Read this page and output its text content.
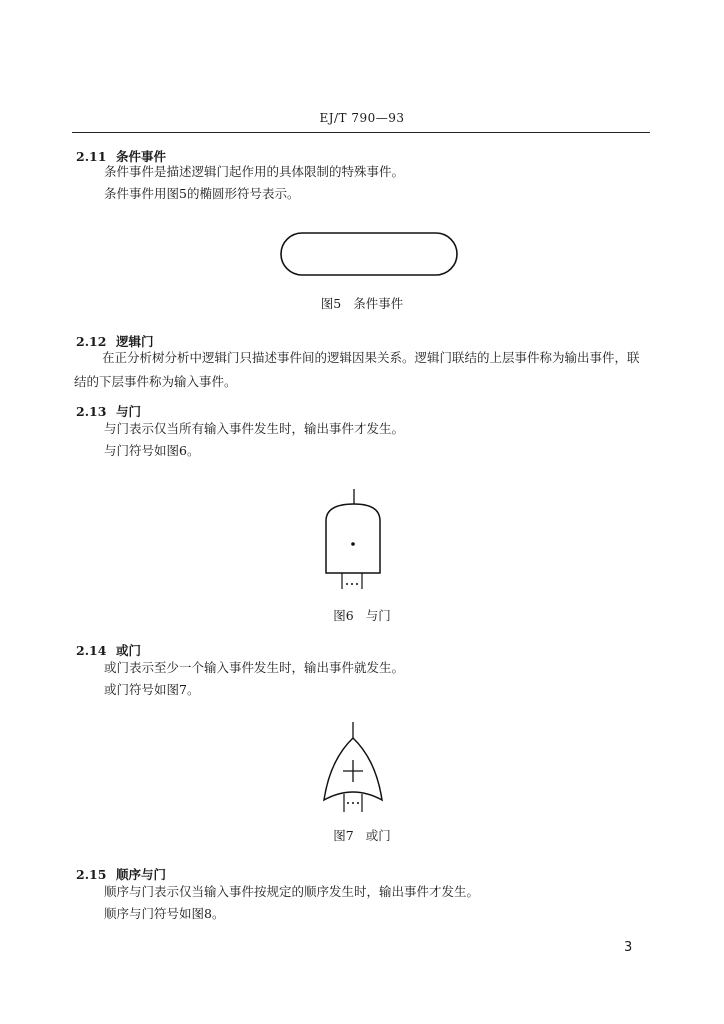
EJ/T 790—93
2.11 条件事件
条件事件是描述逻辑门起作用的具体限制的特殊事件。
条件事件用图5的椭圆形符号表示。
图5 条件事件
2.12 逻辑门
在正分析树分析中逻辑门只描述事件间的逻辑因果关系。逻辑门联结的上层事件称为输出事件，联结的下层事件称为输入事件。
2.13 与门
与门表示仅当所有输入事件发生时，输出事件才发生。
与门符号如图6。
图6 与门
2.14 或门
或门表示至少一个输入事件发生时，输出事件就发生。
或门符号如图7。
图7 或门
2.15 顺序与门
顺序与门表示仅当输入事件按规定的顺序发生时，输出事件才发生。
顺序与门符号如图8。
3
